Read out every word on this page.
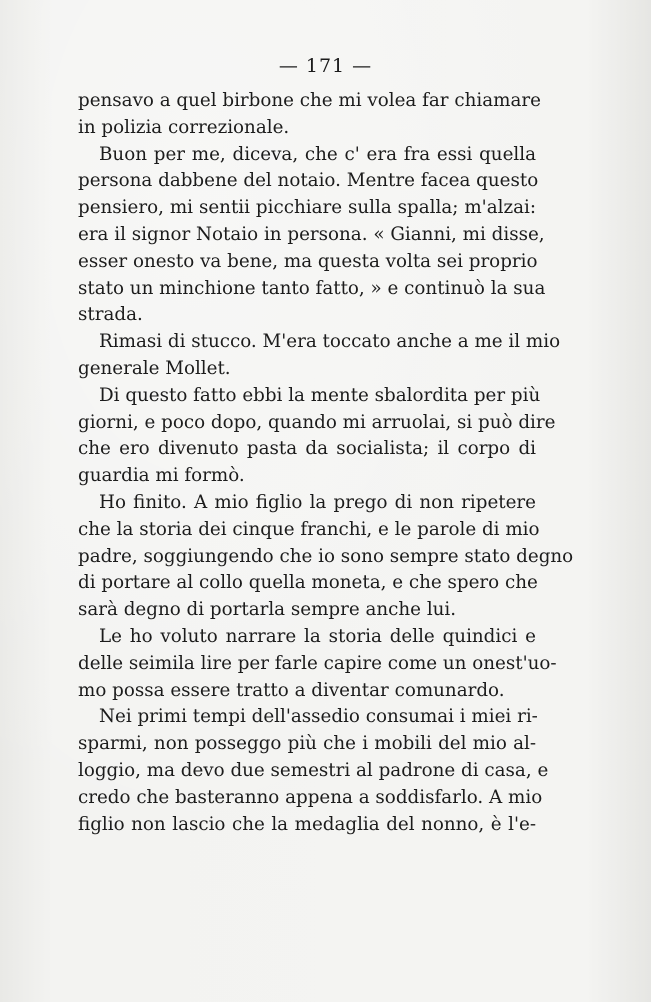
— 171 —
pensavo a quel birbone che mi volea far chiamare
in polizia correzionale.
Buon per me, diceva, che c' era fra essi quella
persona dabbene del notaio. Mentre facea questo
pensiero, mi sentii picchiare sulla spalla; m'alzai:
era il signor Notaio in persona. « Gianni, mi disse,
esser onesto va bene, ma questa volta sei proprio
stato un minchione tanto fatto, » e continuò la sua
strada.
Rimasi di stucco. M'era toccato anche a me il mio
generale Mollet.
Di questo fatto ebbi la mente sbalordita per più
giorni, e poco dopo, quando mi arruolai, si può dire
che ero divenuto pasta da socialista; il corpo di
guardia mi formò.
Ho finito. A mio figlio la prego di non ripetere
che la storia dei cinque franchi, e le parole di mio
padre, soggiungendo che io sono sempre stato degno
di portare al collo quella moneta, e che spero che
sarà degno di portarla sempre anche lui.
Le ho voluto narrare la storia delle quindici e
delle seimila lire per farle capire come un onest'uo-
mo possa essere tratto a diventar comunardo.
Nei primi tempi dell'assedio consumai i miei ri-
sparmi, non posseggo più che i mobili del mio al-
loggio, ma devo due semestri al padrone di casa, e
credo che basteranno appena a soddisfarlo. A mio
figlio non lascio che la medaglia del nonno, è l'e-
